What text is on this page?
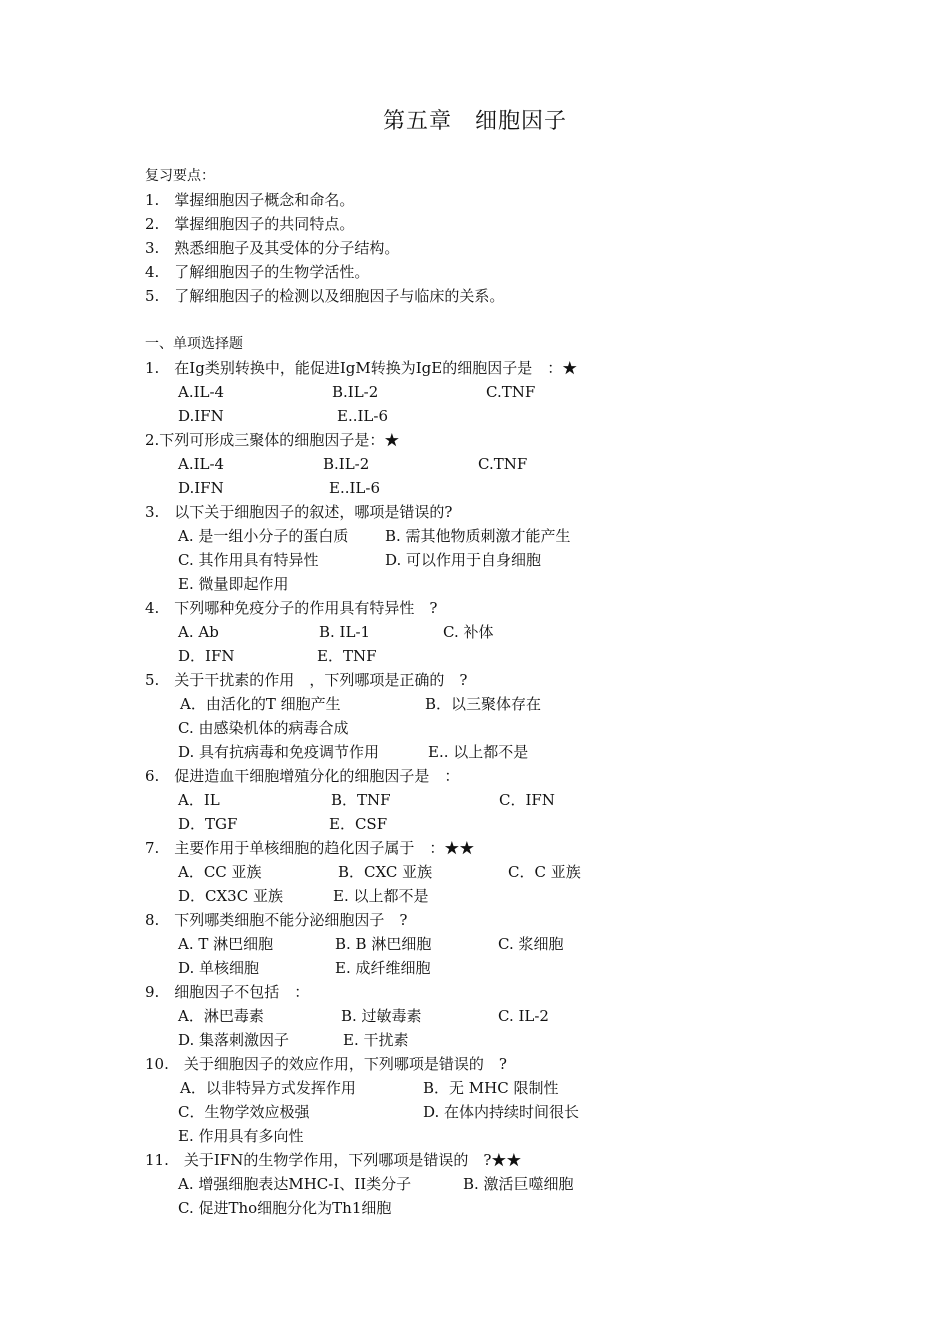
第五章　细胞因子
复习要点：
1.　掌握细胞因子概念和命名。
2.　掌握细胞因子的共同特点。
3.　熟悉细胞子及其受体的分子结构。
4.　了解细胞因子的生物学活性。
5.　了解细胞因子的检测以及细胞因子与临床的关系。
一、单项选择题
1.　在Ig类别转换中，能促进IgM转换为IgE的细胞因子是　：★
A.IL-4	B.IL-2	C.TNF
D.IFN	E..IL-6
2.下列可形成三聚体的细胞因子是：★
A.IL-4	B.IL-2	C.TNF
D.IFN	E..IL-6
3.　以下关于细胞因子的叙述，哪项是错误的?
A. 是一组小分子的蛋白质 B. 需其他物质刺激才能产生
C. 其作用具有特异性	D. 可以作用于自身细胞
E. 微量即起作用
4.　下列哪种免疫分子的作用具有特异性　?
A. Ab	B. IL-1	C. 补体
D．IFN	E．TNF
5.　关于干扰素的作用　，下列哪项是正确的　?
A．由活化的T 细胞产生	B．以三聚体存在
C. 由感染机体的病毒合成
D. 具有抗病毒和免疫调节作用	E.. 以上都不是
6.　促进造血干细胞增殖分化的细胞因子是　：
A．IL	B．TNF	C．IFN
D．TGF	E．CSF
7.　主要作用于单核细胞的趋化因子属于　：★★
A．CC 亚族	B．CXC 亚族	C．C 亚族
D．CX3C 亚族	E. 以上都不是
8.　下列哪类细胞不能分泌细胞因子　?
A. T 淋巴细胞	B. B 淋巴细胞	C. 浆细胞
D. 单核细胞	E. 成纤维细胞
9.　细胞因子不包括　：
A．淋巴毒素	B. 过敏毒素	C. IL-2
D. 集落刺激因子	E. 干扰素
10.　关于细胞因子的效应作用，下列哪项是错误的　?
A．以非特异方式发挥作用	B．无 MHC 限制性
C．生物学效应极强	D. 在体内持续时间很长
E. 作用具有多向性
11.　关于IFN的生物学作用，下列哪项是错误的　?★★
A. 增强细胞表达MHC-I、II类分子	B. 激活巨噬细胞
C. 促进Tho细胞分化为Th1细胞
